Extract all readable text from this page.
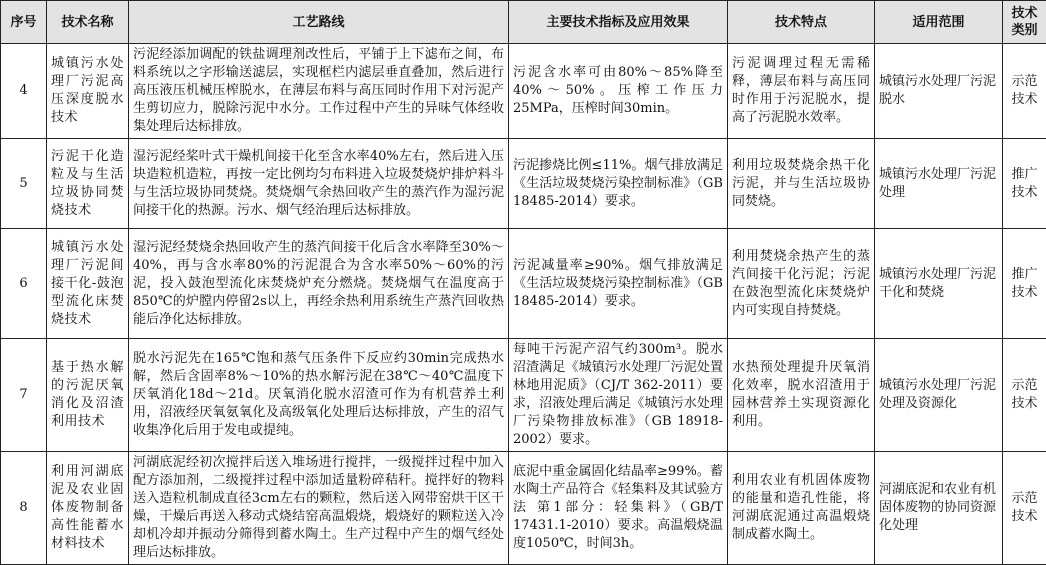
序号	技术名称	工艺路线	主要技术指标及应用效果	技术特点	适用范围	技术类别
4	城镇污水处理厂污泥高压深度脱水技术	污泥经添加调配的铁盐调理剂改性后，平铺于上下滤布之间，布料系统以之字形输送滤层，实现框栏内滤层垂直叠加，然后进行高压液压机械压榨脱水，在薄层布料与高压同时作用下对污泥产生剪切应力，脱除污泥中水分。工作过程中产生的异味气体经收集处理后达标排放。	污泥含水率可由80%～85%降至40%～50%。压榨工作压力25MPa，压榨时间30min。	污泥调理过程无需稀释，薄层布料与高压同时作用于污泥脱水，提高了污泥脱水效率。	城镇污水处理厂污泥脱水	示范技术
5	污泥干化造粒及与生活垃圾协同焚烧技术	湿污泥经桨叶式干燥机间接干化至含水率40%左右，然后进入压块造粒机造粒，再按一定比例均匀布料进入垃圾焚烧炉排炉料斗与生活垃圾协同焚烧。焚烧烟气余热回收产生的蒸汽作为湿污泥间接干化的热源。污水、烟气经治理后达标排放。	污泥掺烧比例≤11%。烟气排放满足《生活垃圾焚烧污染控制标准》（GB 18485-2014）要求。	利用垃圾焚烧余热干化污泥，并与生活垃圾协同焚烧。	城镇污水处理厂污泥处理	推广技术
6	城镇污水处理厂污泥间接干化-鼓泡型流化床焚烧技术	湿污泥经焚烧余热回收产生的蒸汽间接干化后含水率降至30%～40%，再与含水率80%的污泥混合为含水率50%～60%的污泥，投入鼓泡型流化床焚烧炉充分燃烧。焚烧烟气在温度高于850℃的炉膛内停留2s以上，再经余热利用系统生产蒸汽回收热能后净化达标排放。	污泥减量率≥90%。烟气排放满足《生活垃圾焚烧污染控制标准》（GB 18485-2014）要求。	利用焚烧余热产生的蒸汽间接干化污泥；污泥在鼓泡型流化床焚烧炉内可实现自持焚烧。	城镇污水处理厂污泥干化和焚烧	推广技术
7	基于热水解的污泥厌氧消化及沼渣利用技术	脱水污泥先在165℃饱和蒸气压条件下反应约30min完成热水解，然后含固率8%～10%的热水解污泥在38℃～40℃温度下厌氧消化18d～21d。厌氧消化脱水沼渣可作为有机营养土利用，沼液经厌氧氨氧化及高级氧化处理后达标排放，产生的沼气收集净化后用于发电或提纯。	每吨干污泥产沼气约300m³。脱水沼渣满足《城镇污水处理厂污泥处置 林地用泥质》（CJ/T 362-2011）要求，沼液处理后满足《城镇污水处理厂污染物排放标准》（GB 18918-2002）要求。	水热预处理提升厌氧消化效率，脱水沼渣用于园林营养土实现资源化利用。	城镇污水处理厂污泥处理及资源化	示范技术
8	利用河湖底泥及农业固体废物制备高性能蓄水材料技术	河湖底泥经初次搅拌后送入堆场进行搅拌，一级搅拌过程中加入配方添加剂，二级搅拌过程中添加适量粉碎秸秆。搅拌好的物料送入造粒机制成直径3cm左右的颗粒，然后送入网带窑烘干区干燥，干燥后再送入移动式烧结窑高温煅烧，煅烧好的颗粒送入冷却机冷却并振动分筛得到蓄水陶土。生产过程中产生的烟气经处理后达标排放。	底泥中重金属固化结晶率≥99%。蓄水陶土产品符合《轻集料及其试验方法 第1部分：轻集料》（GB/T 17431.1-2010）要求。高温煅烧温度1050℃，时间3h。	利用农业有机固体废物的能量和造孔性能，将河湖底泥通过高温煅烧制成蓄水陶土。	河湖底泥和农业有机固体废物的协同资源化处理	示范技术
